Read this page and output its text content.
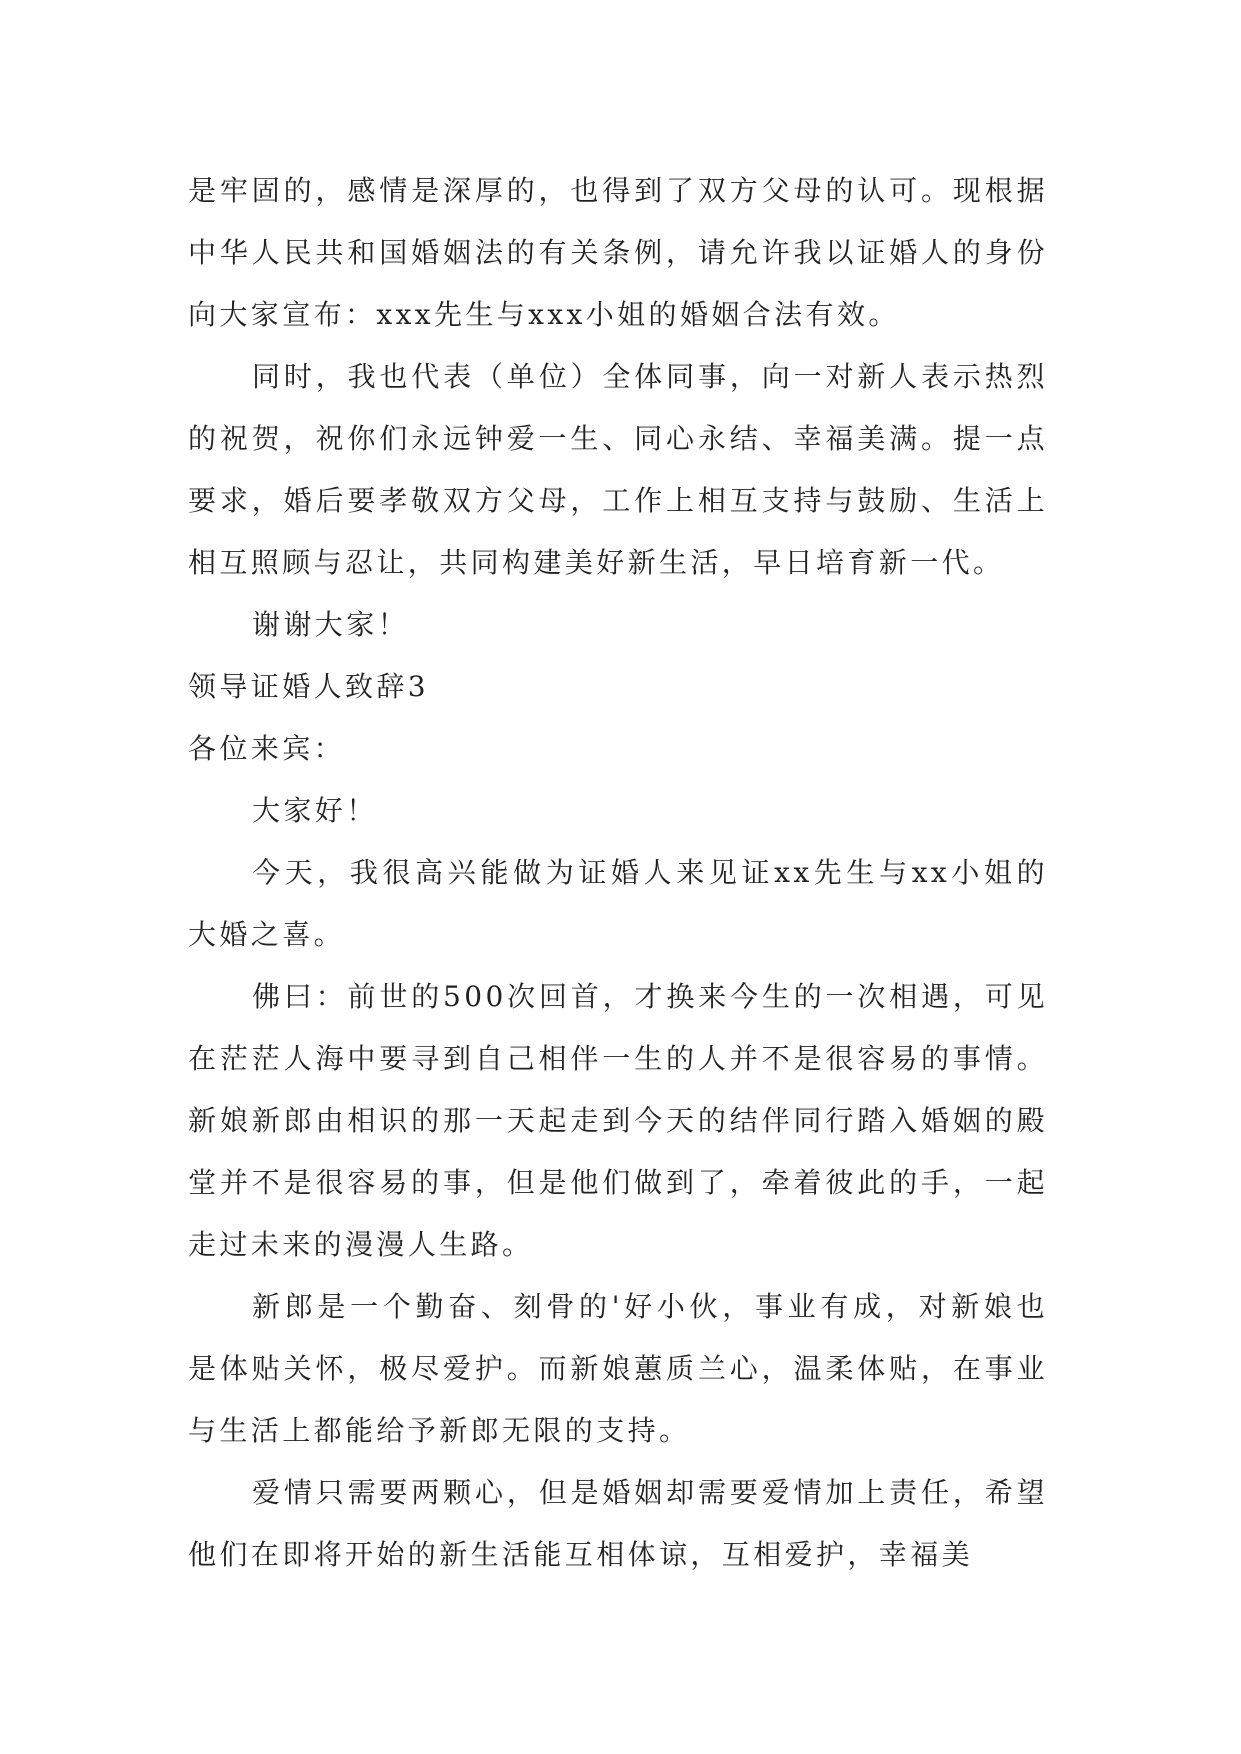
是牢固的，感情是深厚的，也得到了双方父母的认可。现根据中华人民共和国婚姻法的有关条例，请允许我以证婚人的身份向大家宣布：xxx先生与xxx小姐的婚姻合法有效。

同时，我也代表（单位）全体同事，向一对新人表示热烈的祝贺，祝你们永远钟爱一生、同心永结、幸福美满。提一点要求，婚后要孝敬双方父母，工作上相互支持与鼓励、生活上相互照顾与忍让，共同构建美好新生活，早日培育新一代。

谢谢大家！

领导证婚人致辞3

各位来宾：

大家好！

今天，我很高兴能做为证婚人来见证xx先生与xx小姐的大婚之喜。

佛曰：前世的500次回首，才换来今生的一次相遇，可见在茫茫人海中要寻到自己相伴一生的人并不是很容易的事情。新娘新郎由相识的那一天起走到今天的结伴同行踏入婚姻的殿堂并不是很容易的事，但是他们做到了，牵着彼此的手，一起走过未来的漫漫人生路。

新郎是一个勤奋、刻骨的'好小伙，事业有成，对新娘也是体贴关怀，极尽爱护。而新娘蕙质兰心，温柔体贴，在事业与生活上都能给予新郎无限的支持。

爱情只需要两颗心，但是婚姻却需要爱情加上责任，希望他们在即将开始的新生活能互相体谅，互相爱护，幸福美
